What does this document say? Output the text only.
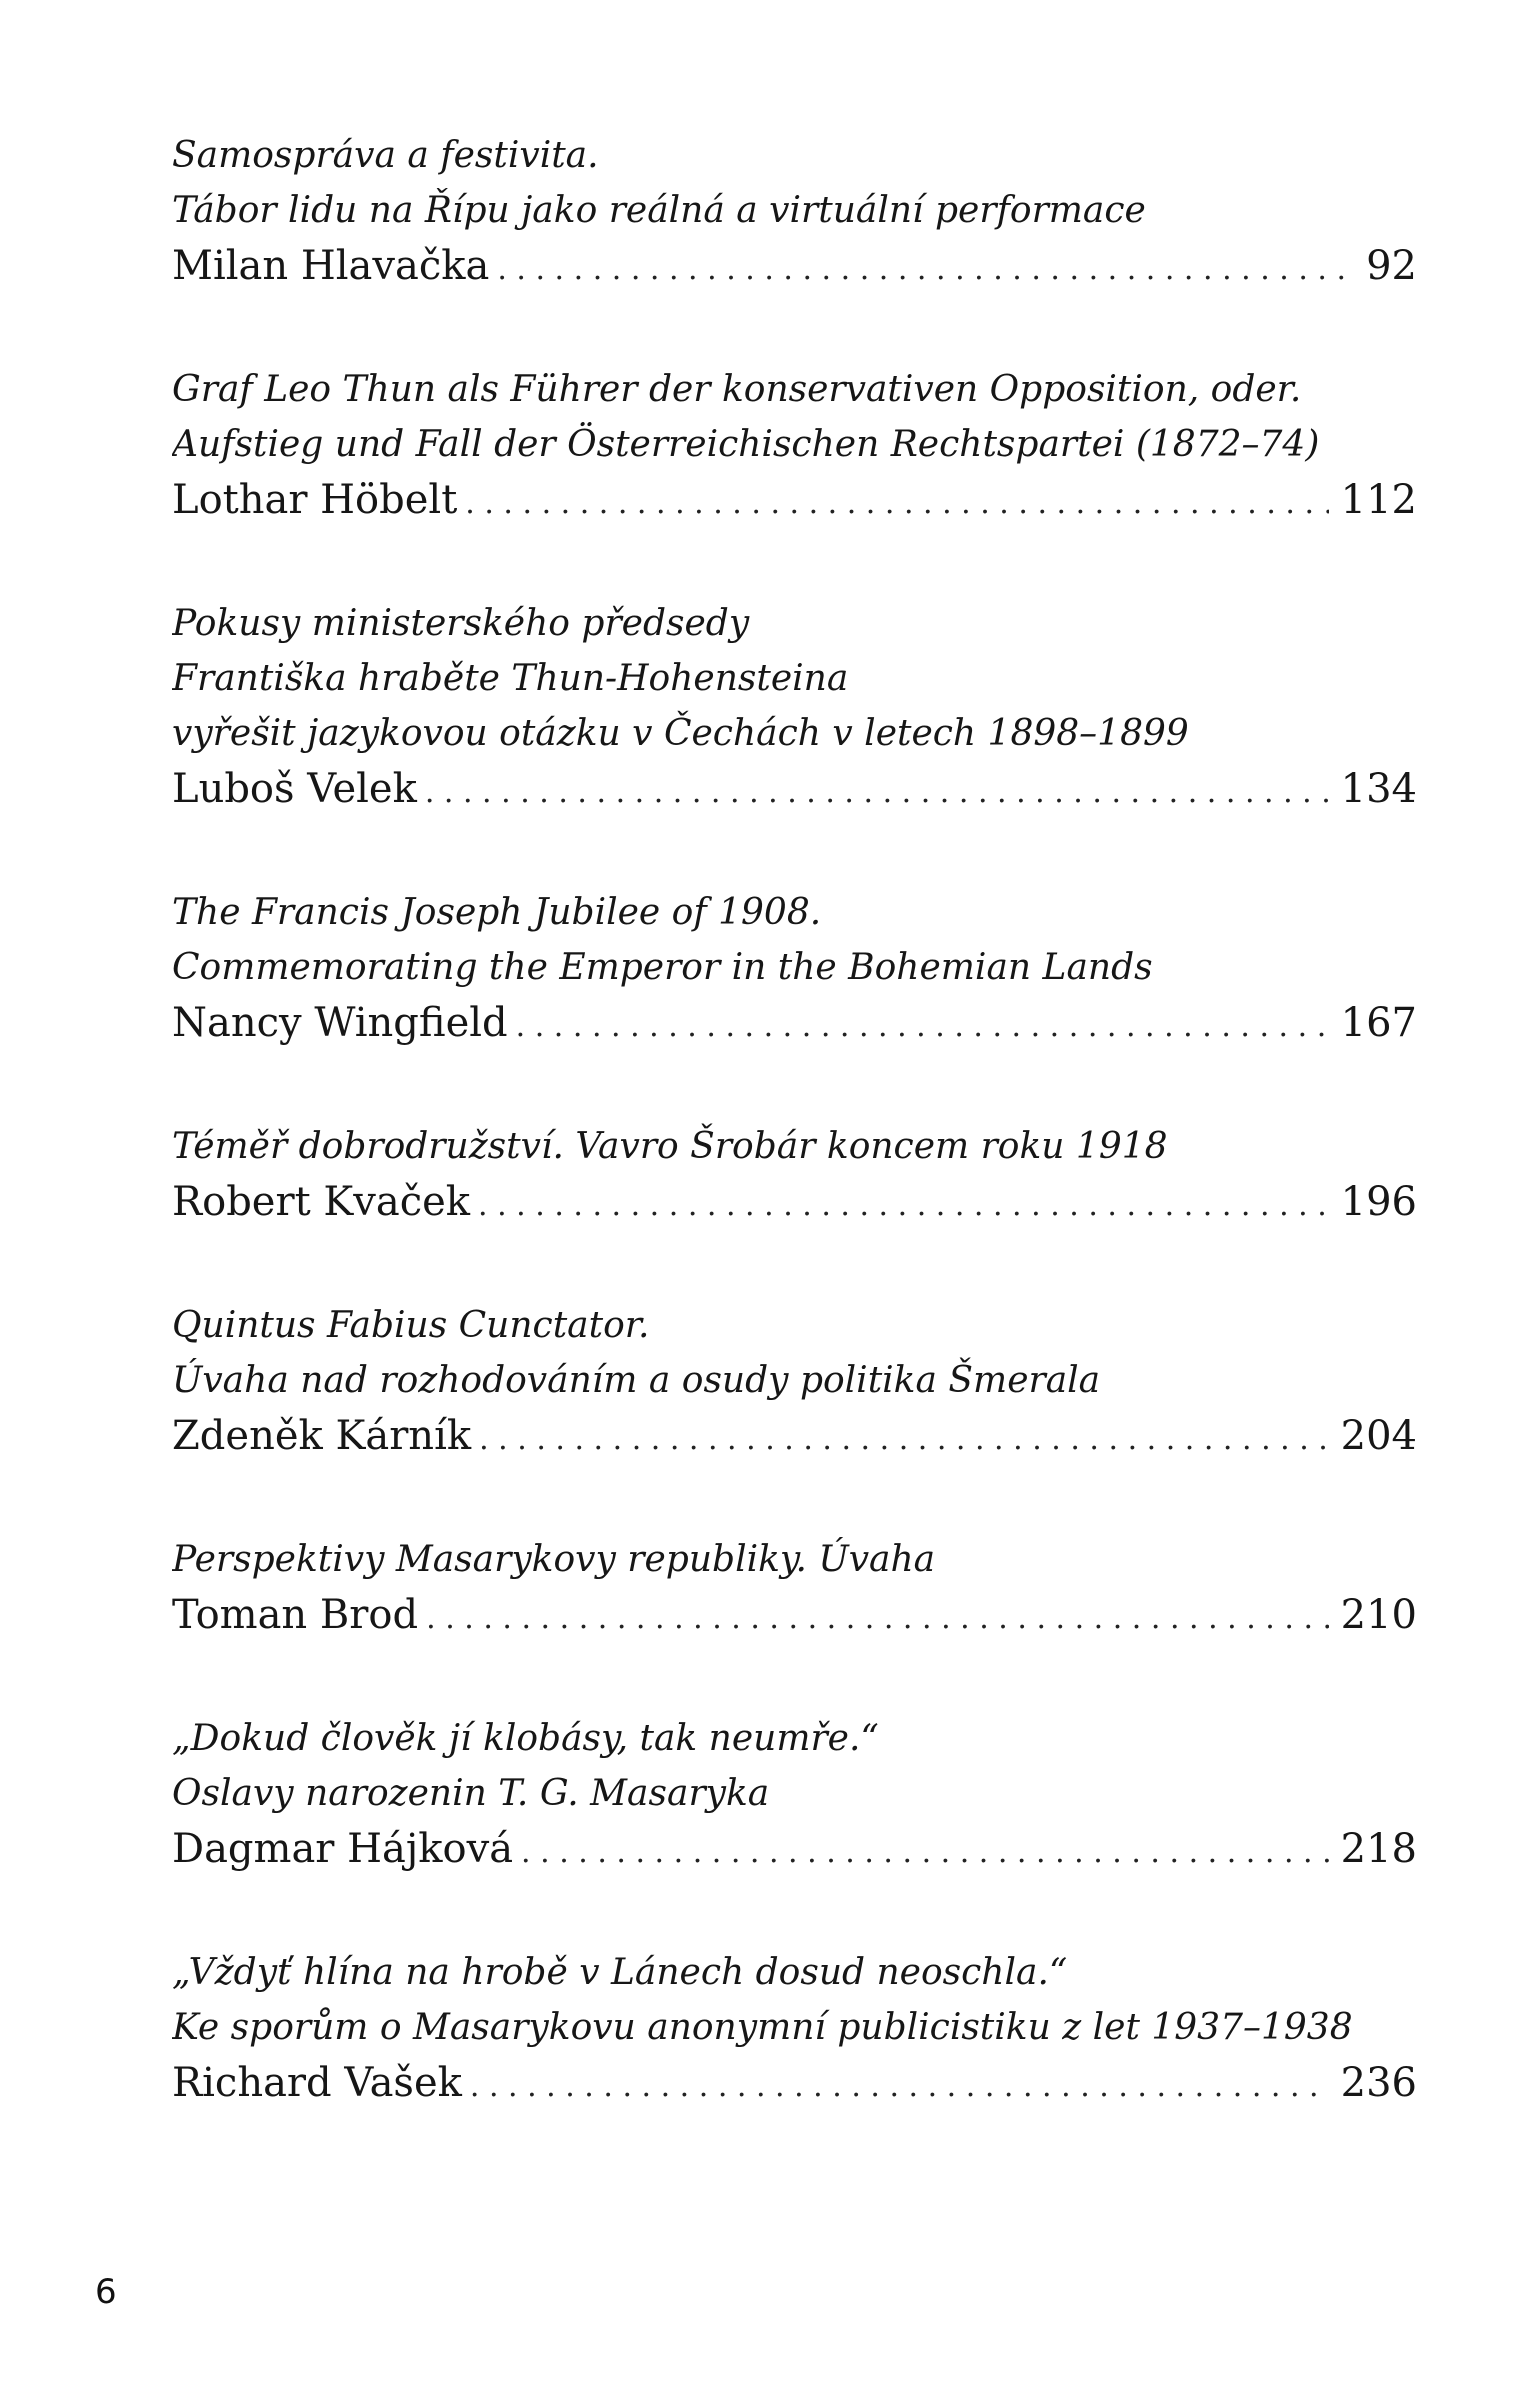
Samospráva a festivita.
Tábor lidu na Řípu jako reálná a virtuální performace
Milan Hlavačka . . .	92
Graf Leo Thun als Führer der konservativen Opposition, oder.
Aufstieg und Fall der Österreichischen Rechtspartei (1872–74)
Lothar Höbelt . . .	112
Pokusy ministerského předsedy
Františka hraběte Thun-Hohensteina
vyřešit jazykovou otázku v Čechách v letech 1898–1899
Luboš Velek . . .	134
The Francis Joseph Jubilee of 1908.
Commemorating the Emperor in the Bohemian Lands
Nancy Wingfield . . .	167
Téměř dobrodružství. Vavro Šrobár koncem roku 1918
Robert Kvaček . . .	196
Quintus Fabius Cunctator.
Úvaha nad rozhodováním a osudy politika Šmerala
Zdeněk Kárník . . .	204
Perspektivy Masarykovy republiky. Úvaha
Toman Brod . . .	210
„Dokud člověk jí klobásy, tak neumře.“
Oslavy narozenin T. G. Masaryka
Dagmar Hájková . . .	218
„Vždyť hlína na hrobě v Lánech dosud neoschla.“
Ke sporům o Masarykovu anonymní publicistiku z let 1937–1938
Richard Vašek . . .	236
6
